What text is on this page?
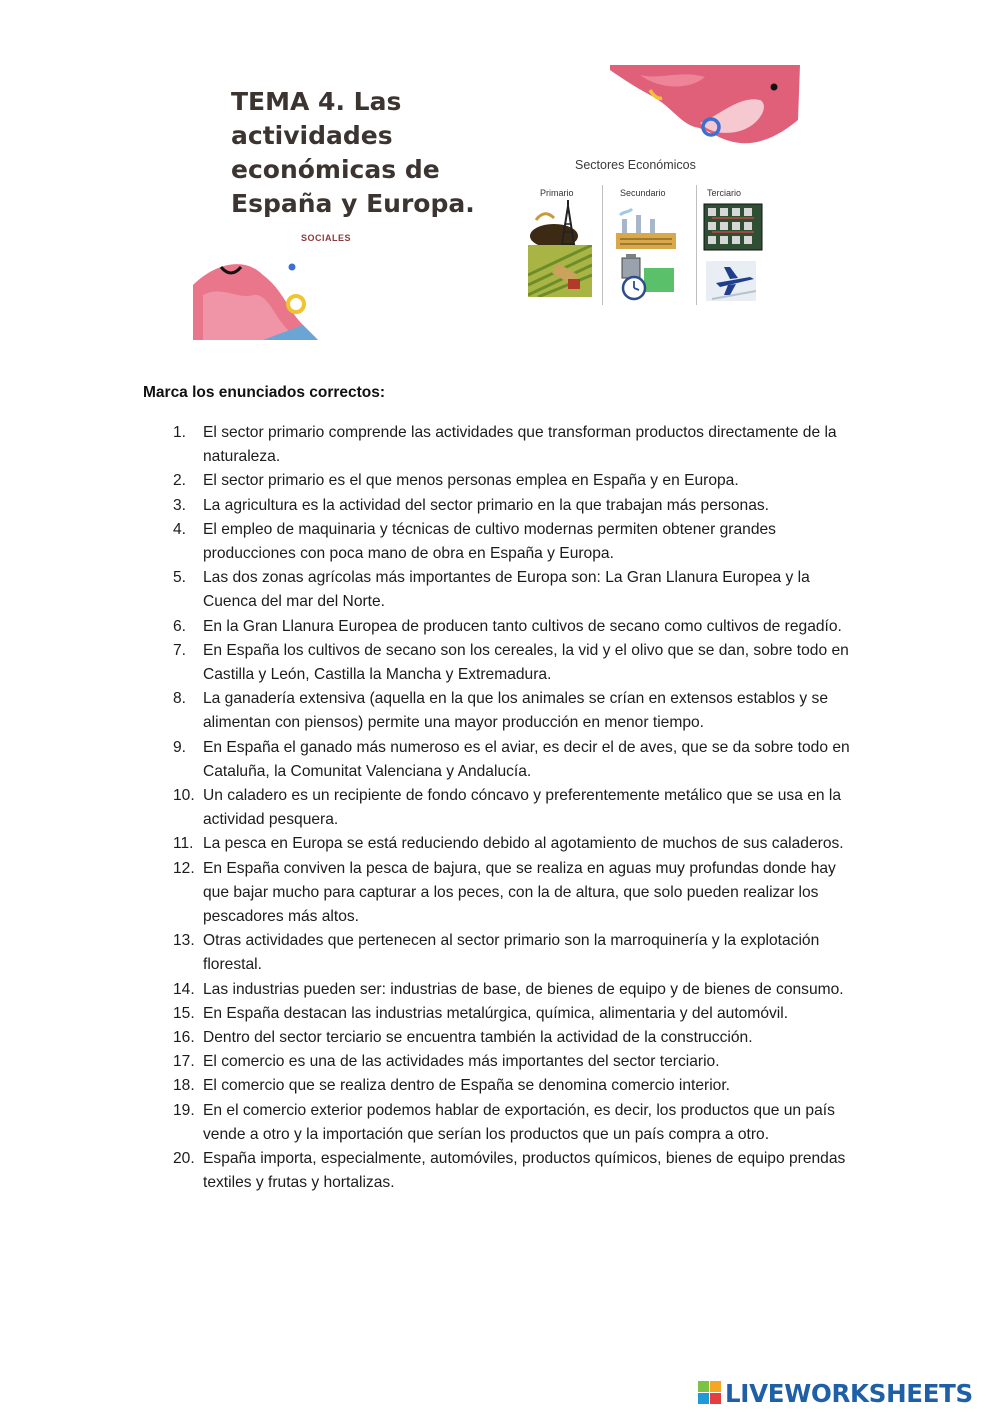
TEMA 4. Las actividades económicas de España y Europa.
SOCIALES
Sectores Económicos
Primario	Secundario	Terciario
Marca los enunciados correctos:
1. El sector primario comprende las actividades que transforman productos directamente de la naturaleza.
2. El sector primario es el que menos personas emplea en España y en Europa.
3. La agricultura es la actividad del sector primario en la que trabajan más personas.
4. El empleo de maquinaria y técnicas de cultivo modernas permiten obtener grandes producciones con poca mano de obra en España y Europa.
5. Las dos zonas agrícolas más importantes de Europa son: La Gran Llanura Europea y la Cuenca del mar del Norte.
6. En la Gran Llanura Europea de producen tanto cultivos de secano como cultivos de regadío.
7. En España los cultivos de secano son los cereales, la vid y el olivo que se dan, sobre todo en Castilla y León, Castilla la Mancha y Extremadura.
8. La ganadería extensiva (aquella en la que los animales se crían en extensos establos y se alimentan con piensos) permite una mayor producción en menor tiempo.
9. En España el ganado más numeroso es el aviar, es decir el de aves, que se da sobre todo en Cataluña, la Comunitat Valenciana y Andalucía.
10. Un caladero es un recipiente de fondo cóncavo y preferentemente metálico que se usa en la actividad pesquera.
11. La pesca en Europa se está reduciendo debido al agotamiento de muchos de sus caladeros.
12. En España conviven la pesca de bajura, que se realiza en aguas muy profundas donde hay que bajar mucho para capturar a los peces, con la de altura, que solo pueden realizar los pescadores más altos.
13. Otras actividades que pertenecen al sector primario son la marroquinería y la explotación florestal.
14. Las industrias pueden ser: industrias de base, de bienes de equipo y de bienes de consumo.
15. En España destacan las industrias metalúrgica, química, alimentaria y del automóvil.
16. Dentro del sector terciario se encuentra también la actividad de la construcción.
17. El comercio es una de las actividades más importantes del sector terciario.
18. El comercio que se realiza dentro de España se denomina comercio interior.
19. En el comercio exterior podemos hablar de exportación, es decir, los productos que un país vende a otro y la importación que serían los productos que un país compra a otro.
20. España importa, especialmente, automóviles, productos químicos, bienes de equipo prendas textiles y frutas y hortalizas.
LIVEWORKSHEETS
